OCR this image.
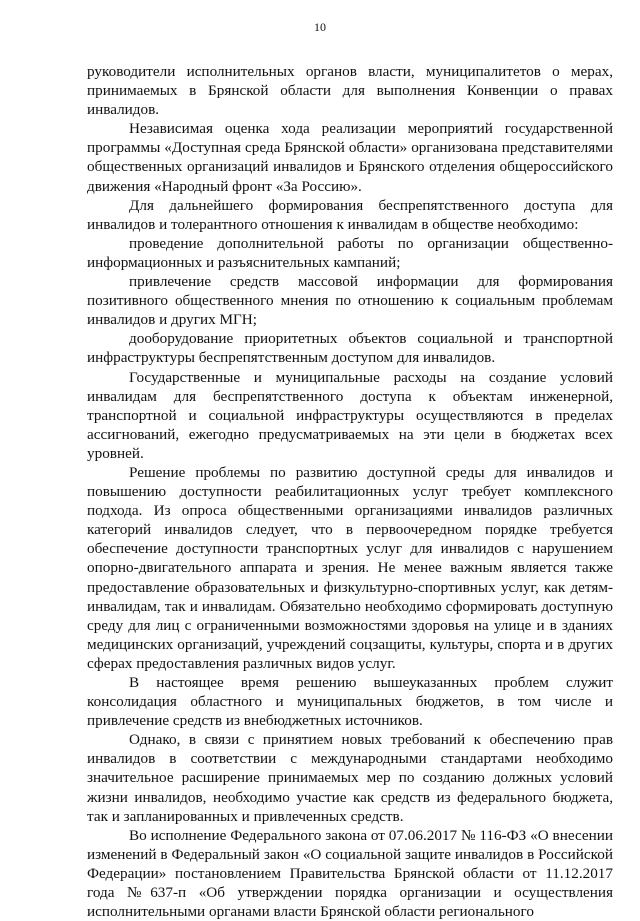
10

руководители исполнительных органов власти, муниципалитетов о мерах, принимаемых в Брянской области для выполнения Конвенции о правах инвалидов.

Независимая оценка хода реализации мероприятий государственной программы «Доступная среда Брянской области» организована представителями общественных организаций инвалидов и Брянского отделения общероссийского движения «Народный фронт «За Россию».

Для дальнейшего формирования беспрепятственного доступа для инвалидов и толерантного отношения к инвалидам в обществе необходимо:

проведение дополнительной работы по организации общественно-информационных и разъяснительных кампаний;

привлечение средств массовой информации для формирования позитивного общественного мнения по отношению к социальным проблемам инвалидов и других МГН;

дооборудование приоритетных объектов социальной и транспортной инфраструктуры беспрепятственным доступом для инвалидов.

Государственные и муниципальные расходы на создание условий инвалидам для беспрепятственного доступа к объектам инженерной, транспортной и социальной инфраструктуры осуществляются в пределах ассигнований, ежегодно предусматриваемых на эти цели в бюджетах всех уровней.

Решение проблемы по развитию доступной среды для инвалидов и повышению доступности реабилитационных услуг требует комплексного подхода. Из опроса общественными организациями инвалидов различных категорий инвалидов следует, что в первоочередном порядке требуется обеспечение доступности транспортных услуг для инвалидов с нарушением опорно-двигательного аппарата и зрения. Не менее важным является также предоставление образовательных и физкультурно-спортивных услуг, как детям-инвалидам, так и инвалидам. Обязательно необходимо сформировать доступную среду для лиц с ограниченными возможностями здоровья на улице и в зданиях медицинских организаций, учреждений соцзащиты, культуры, спорта и в других сферах предоставления различных видов услуг.

В настоящее время решению вышеуказанных проблем служит консолидация областного и муниципальных бюджетов, в том числе и привлечение средств из внебюджетных источников.

Однако, в связи с принятием новых требований к обеспечению прав инвалидов в соответствии с международными стандартами необходимо значительное расширение принимаемых мер по созданию должных условий жизни инвалидов, необходимо участие как средств из федерального бюджета, так и запланированных и привлеченных средств.

Во исполнение Федерального закона от 07.06.2017 № 116-ФЗ «О внесении изменений в Федеральный закон «О социальной защите инвалидов в Российской Федерации» постановлением Правительства Брянской области от 11.12.2017 года №637-п «Об утверждении порядка организации и осуществления исполнительными органами власти Брянской области регионального
